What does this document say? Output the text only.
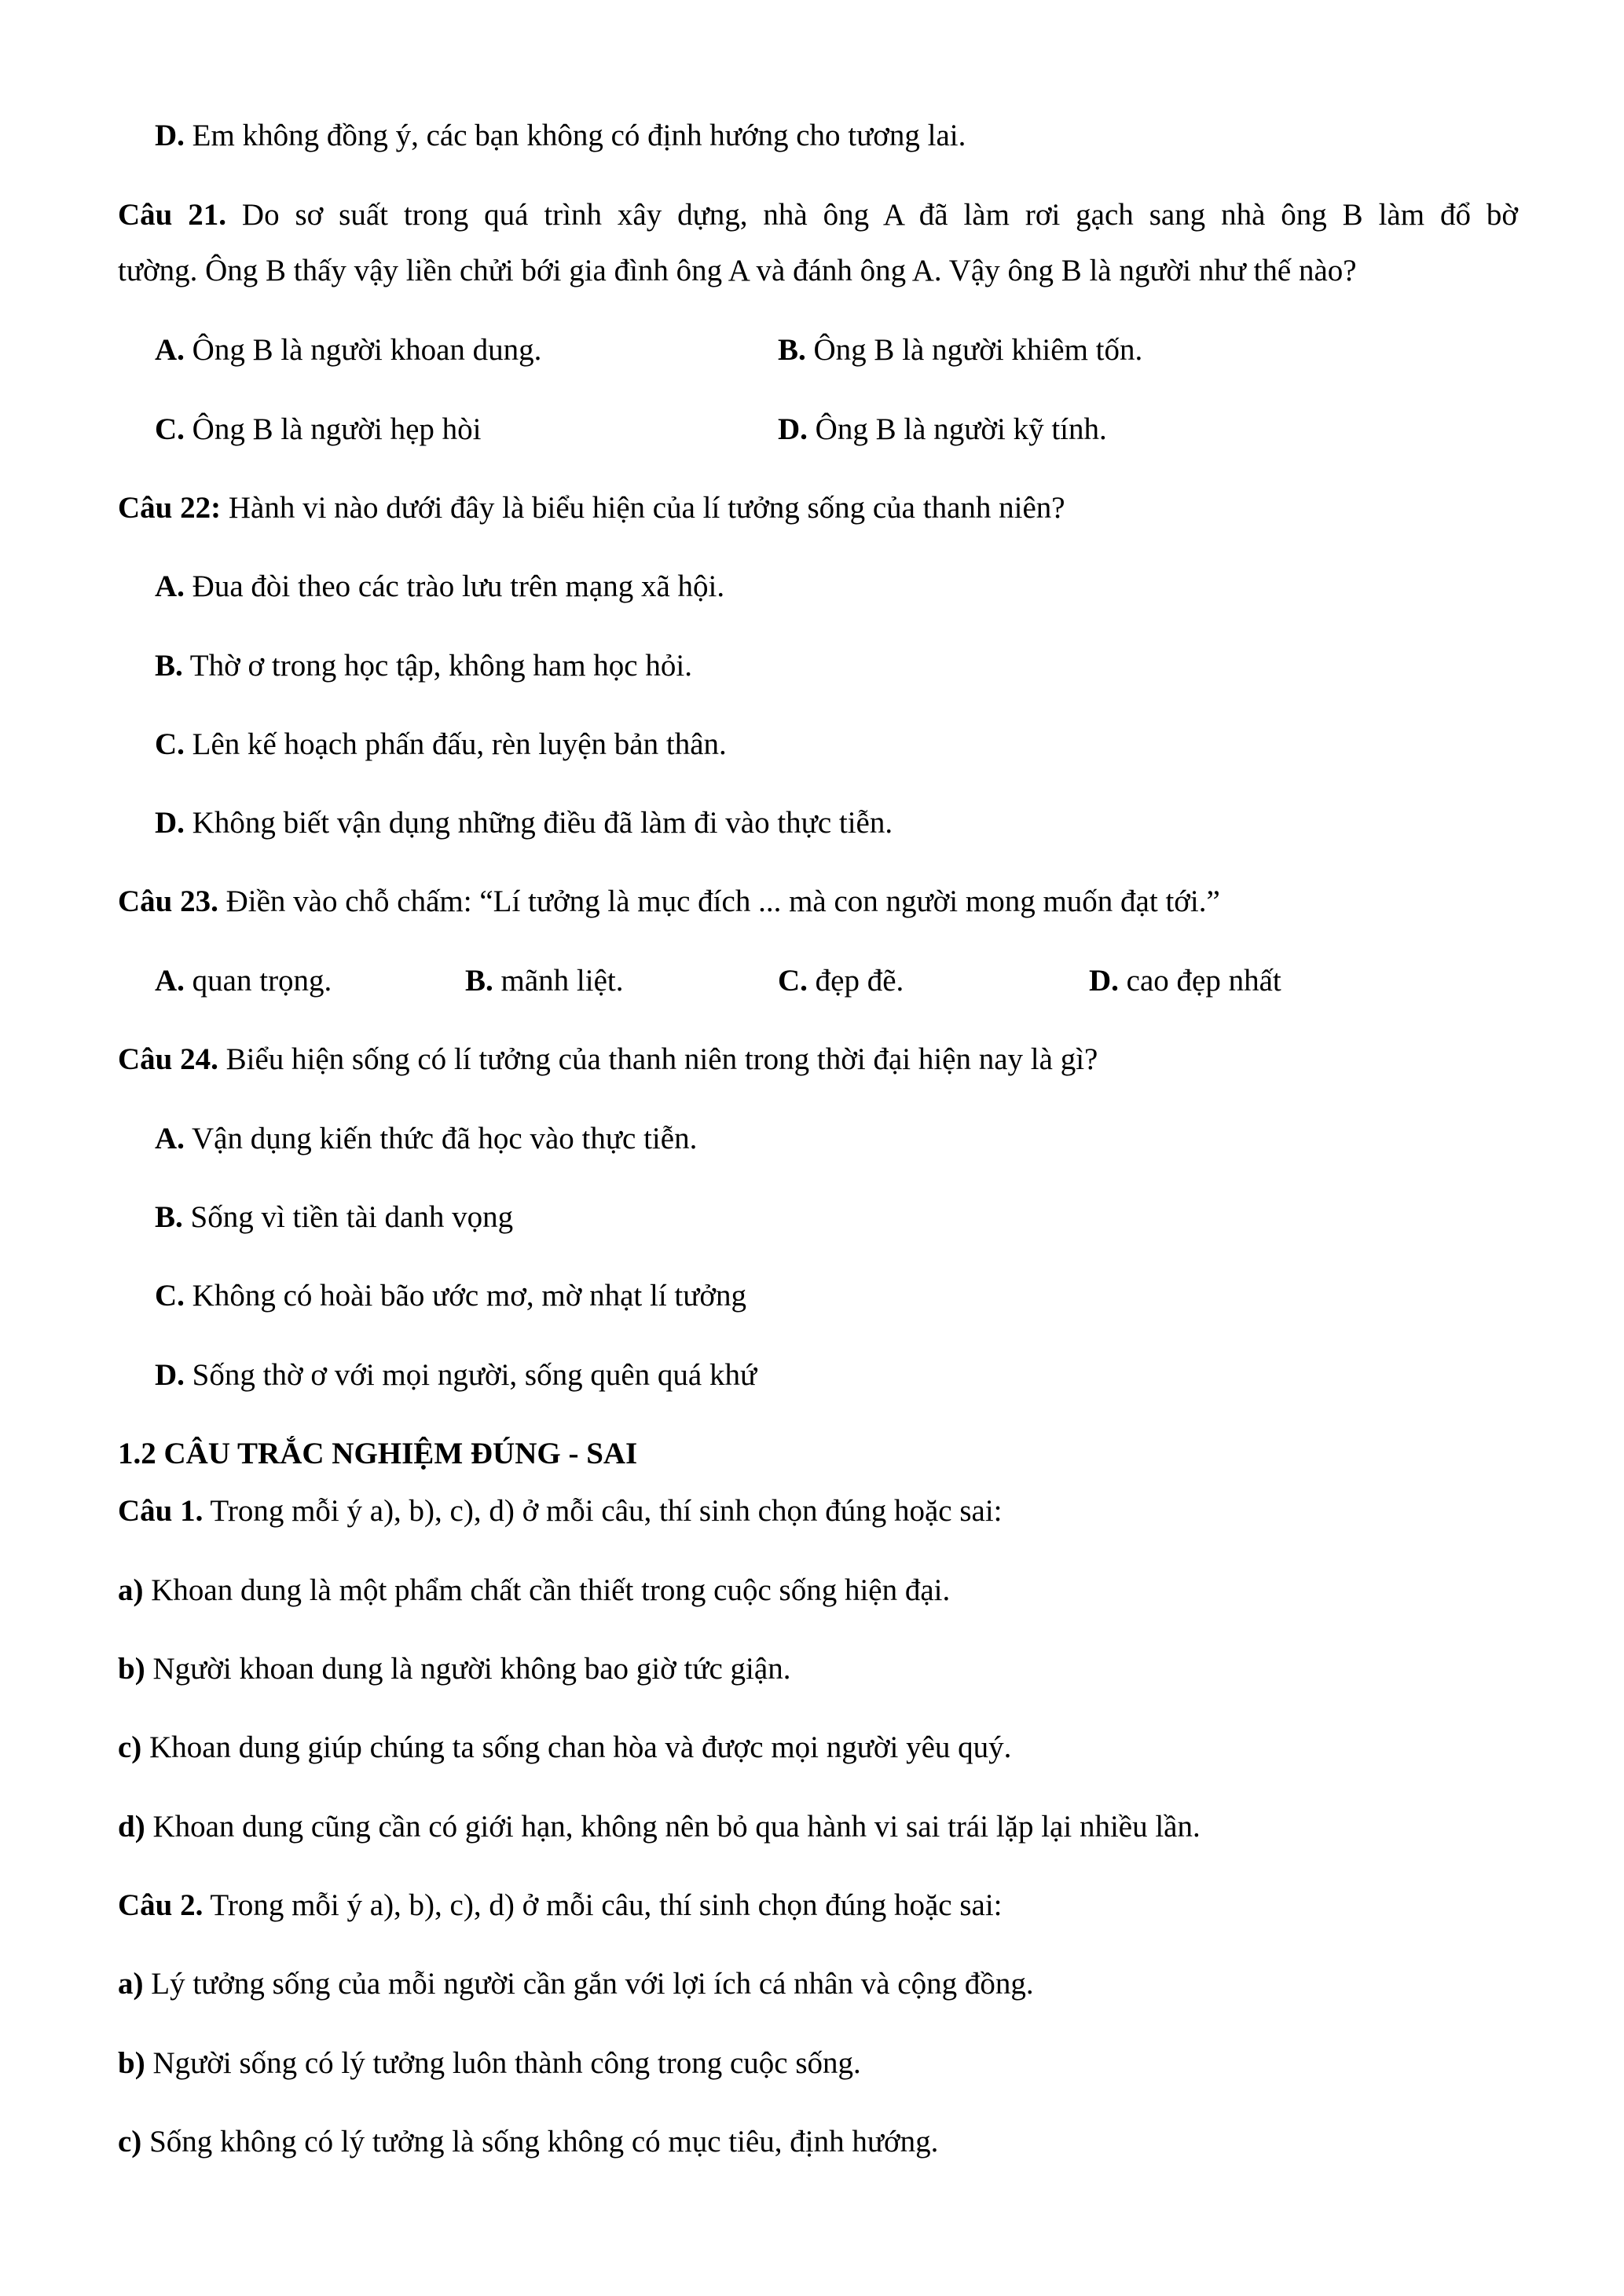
D. Em không đồng ý, các bạn không có định hướng cho tương lai.
Câu 21. Do sơ suất trong quá trình xây dựng, nhà ông A đã làm rơi gạch sang nhà ông B làm đổ bờ
tường. Ông B thấy vậy liền chửi bới gia đình ông A và đánh ông A. Vậy ông B là người như thế nào?
A. Ông B là người khoan dung.	B. Ông B là người khiêm tốn.
C. Ông B là người hẹp hòi	D. Ông B là người kỹ tính.
Câu 22: Hành vi nào dưới đây là biểu hiện của lí tưởng sống của thanh niên?
A. Đua đòi theo các trào lưu trên mạng xã hội.
B. Thờ ơ trong học tập, không ham học hỏi.
C. Lên kế hoạch phấn đấu, rèn luyện bản thân.
D. Không biết vận dụng những điều đã làm đi vào thực tiễn.
Câu 23. Điền vào chỗ chấm: “Lí tưởng là mục đích ... mà con người mong muốn đạt tới.”
A. quan trọng.	B. mãnh liệt.	C. đẹp đẽ.	D. cao đẹp nhất
Câu 24. Biểu hiện sống có lí tưởng của thanh niên trong thời đại hiện nay là gì?
A. Vận dụng kiến thức đã học vào thực tiễn.
B. Sống vì tiền tài danh vọng
C. Không có hoài bão ước mơ, mờ nhạt lí tưởng
D. Sống thờ ơ với mọi người, sống quên quá khứ
1.2 CÂU TRẮC NGHIỆM ĐÚNG - SAI
Câu 1. Trong mỗi ý a), b), c), d) ở mỗi câu, thí sinh chọn đúng hoặc sai:
a) Khoan dung là một phẩm chất cần thiết trong cuộc sống hiện đại.
b) Người khoan dung là người không bao giờ tức giận.
c) Khoan dung giúp chúng ta sống chan hòa và được mọi người yêu quý.
d) Khoan dung cũng cần có giới hạn, không nên bỏ qua hành vi sai trái lặp lại nhiều lần.
Câu 2. Trong mỗi ý a), b), c), d) ở mỗi câu, thí sinh chọn đúng hoặc sai:
a) Lý tưởng sống của mỗi người cần gắn với lợi ích cá nhân và cộng đồng.
b) Người sống có lý tưởng luôn thành công trong cuộc sống.
c) Sống không có lý tưởng là sống không có mục tiêu, định hướng.
